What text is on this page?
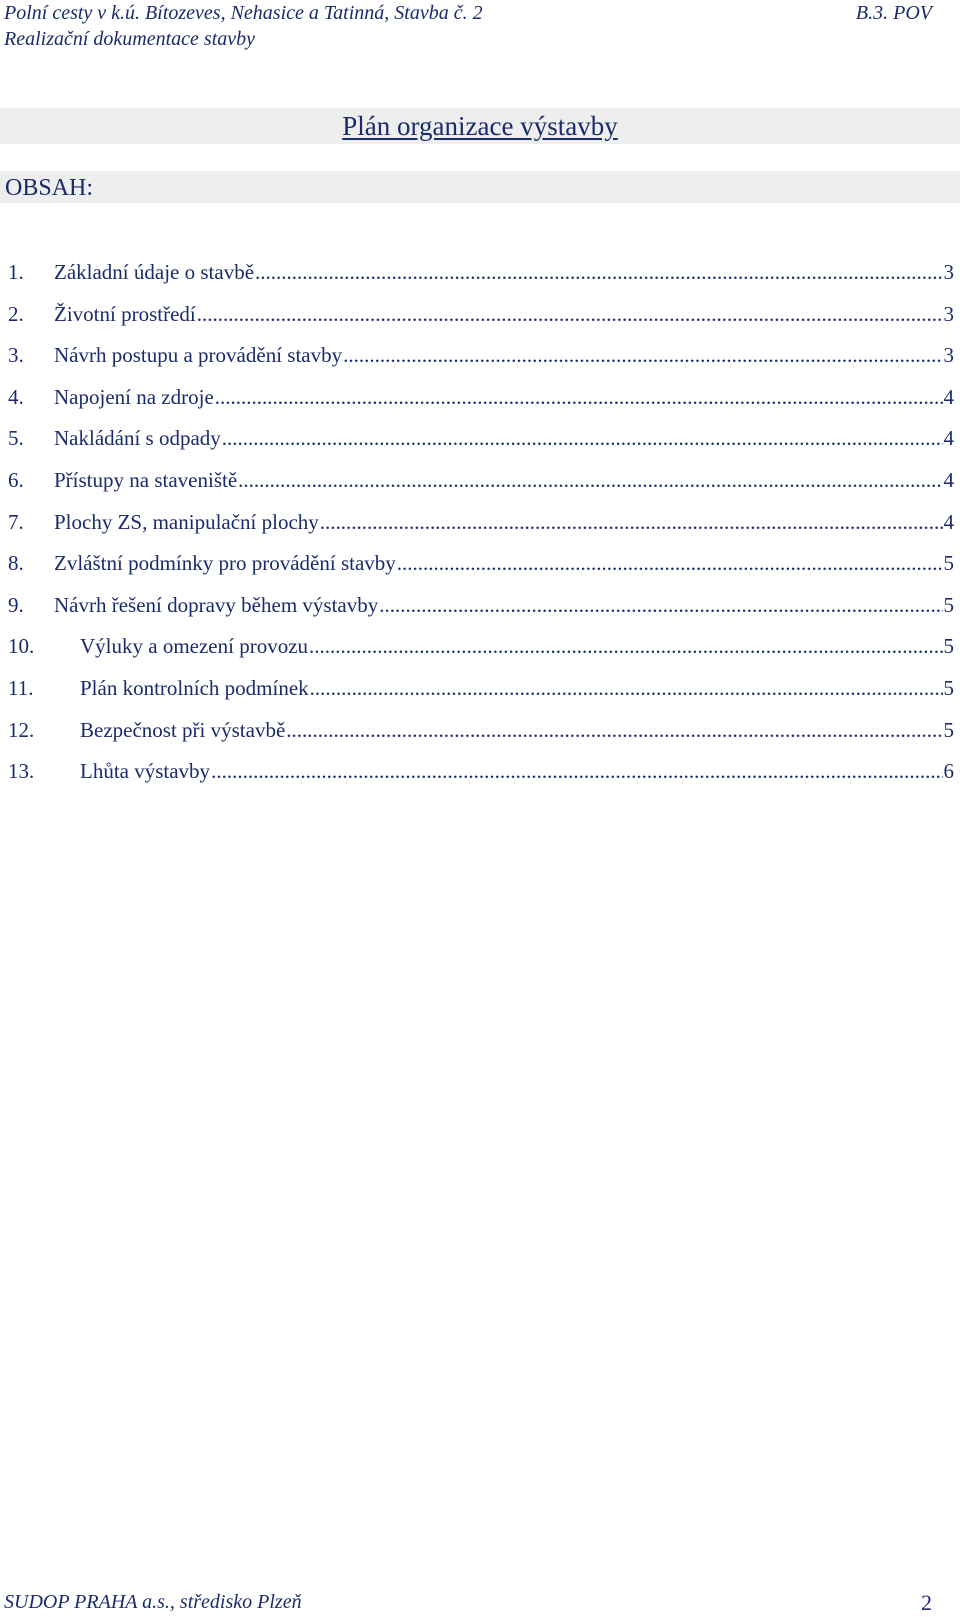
Polní cesty v k.ú. Bítozeves, Nehasice a Tatinná, Stavba č. 2
Realizační dokumentace stavby
B.3. POV
Plán organizace výstavby
OBSAH:
1.	Základní údaje o stavbě .....	3
2.	Životní prostředí .....	3
3.	Návrh postupu a provádění stavby .....	3
4.	Napojení na zdroje .....	4
5.	Nakládání s odpady .....	4
6.	Přístupy na staveniště .....	4
7.	Plochy ZS, manipulační plochy .....	4
8.	Zvláštní podmínky pro provádění stavby .....	5
9.	Návrh řešení dopravy během výstavby .....	5
10.	Výluky a omezení provozu .....	5
11.	Plán kontrolních podmínek .....	5
12.	Bezpečnost při výstavbě .....	5
13.	Lhůta výstavby .....	6
SUDOP PRAHA a.s., středisko Plzeň	2
